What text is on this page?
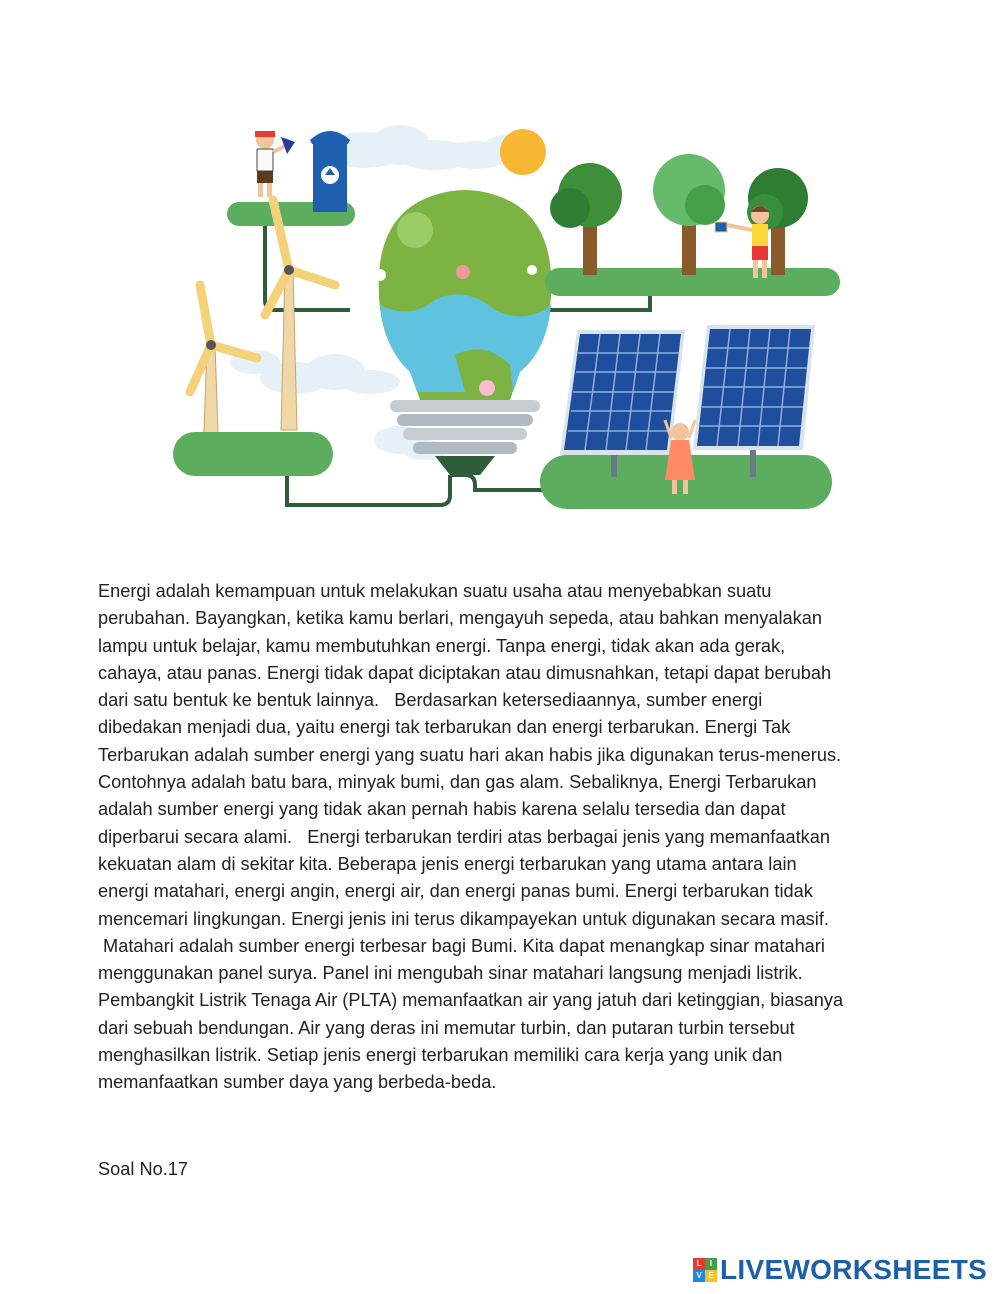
Energi adalah kemampuan untuk melakukan suatu usaha atau menyebabkan suatu
perubahan. Bayangkan, ketika kamu berlari, mengayuh sepeda, atau bahkan menyalakan
lampu untuk belajar, kamu membutuhkan energi. Tanpa energi, tidak akan ada gerak,
cahaya, atau panas. Energi tidak dapat diciptakan atau dimusnahkan, tetapi dapat berubah
dari satu bentuk ke bentuk lainnya.   Berdasarkan ketersediaannya, sumber energi
dibedakan menjadi dua, yaitu energi tak terbarukan dan energi terbarukan. Energi Tak
Terbarukan adalah sumber energi yang suatu hari akan habis jika digunakan terus-menerus.
Contohnya adalah batu bara, minyak bumi, dan gas alam. Sebaliknya, Energi Terbarukan
adalah sumber energi yang tidak akan pernah habis karena selalu tersedia dan dapat
diperbarui secara alami.   Energi terbarukan terdiri atas berbagai jenis yang memanfaatkan
kekuatan alam di sekitar kita. Beberapa jenis energi terbarukan yang utama antara lain
energi matahari, energi angin, energi air, dan energi panas bumi. Energi terbarukan tidak
mencemari lingkungan. Energi jenis ini terus dikampayekan untuk digunakan secara masif.
Matahari adalah sumber energi terbesar bagi Bumi. Kita dapat menangkap sinar matahari
menggunakan panel surya. Panel ini mengubah sinar matahari langsung menjadi listrik.
Pembangkit Listrik Tenaga Air (PLTA) memanfaatkan air yang jatuh dari ketinggian, biasanya
dari sebuah bendungan. Air yang deras ini memutar turbin, dan putaran turbin tersebut
menghasilkan listrik. Setiap jenis energi terbarukan memiliki cara kerja yang unik dan
memanfaatkan sumber daya yang berbeda-beda.
Soal No.17
L	I
V E LIVEWORKSHEETS
